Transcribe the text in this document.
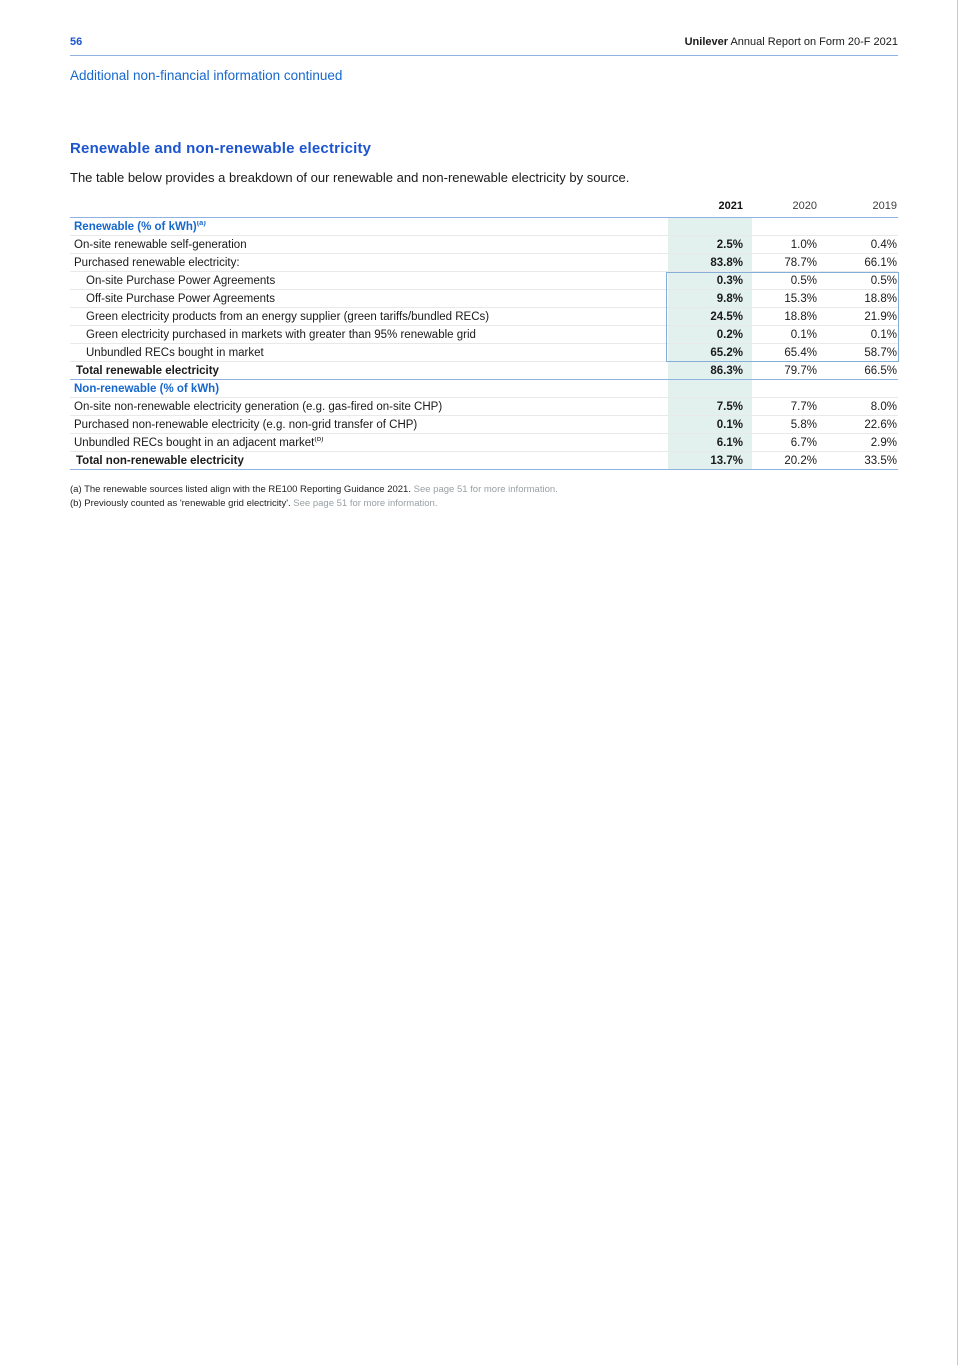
56	Unilever Annual Report on Form 20-F 2021
Additional non-financial information continued
Renewable and non-renewable electricity
The table below provides a breakdown of our renewable and non-renewable electricity by source.
2021	2020	2019
Renewable (% of kWh)$^{(a)}$
On-site renewable self-generation	2.5%	1.0%	0.4%
Purchased renewable electricity:	83.8%	78.7%	66.1%
On-site Purchase Power Agreements	0.3%	0.5%	0.5%
Off-site Purchase Power Agreements	9.8%	15.3%	18.8%
Green electricity products from an energy supplier (green tariffs/bundled RECs)	24.5%	18.8%	21.9%
Green electricity purchased in markets with greater than 95% renewable grid	0.2%	0.1%	0.1%
Unbundled RECs bought in market	65.2%	65.4%	58.7%
Total renewable electricity	86.3%	79.7%	66.5%
Non-renewable (% of kWh)
On-site non-renewable electricity generation (e.g. gas-fired on-site CHP)	7.5%	7.7%	8.0%
Purchased non-renewable electricity (e.g. non-grid transfer of CHP)	0.1%	5.8%	22.6%
Unbundled RECs bought in an adjacent market$^{(b)}$	6.1%	6.7%	2.9%
Total non-renewable electricity	13.7%	20.2%	33.5%
(a) The renewable sources listed align with the RE100 Reporting Guidance 2021. See page 51 for more information.
(b) Previously counted as 'renewable grid electricity'. See page 51 for more information.
